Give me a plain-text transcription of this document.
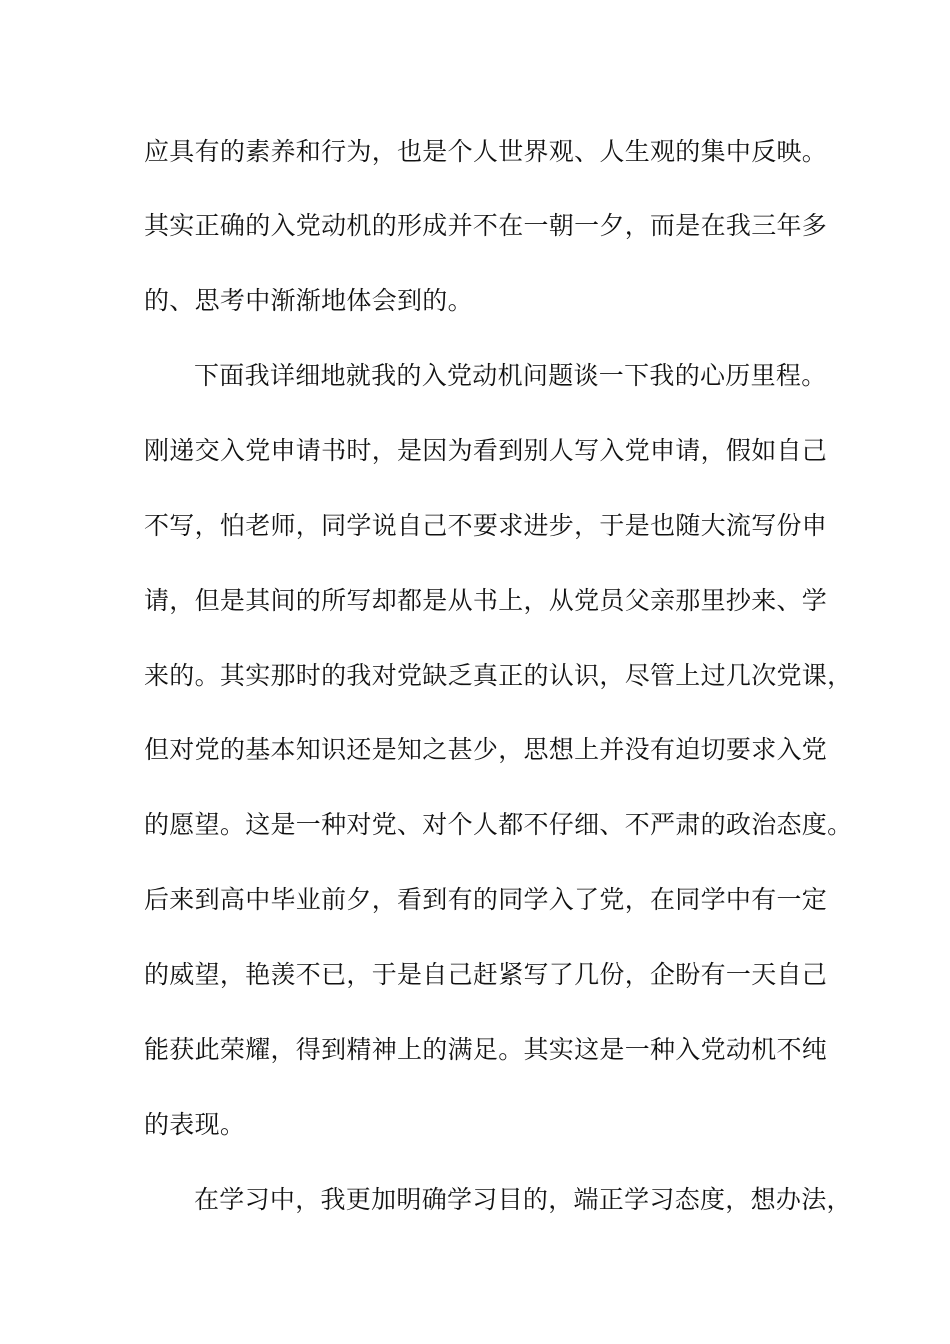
应具有的素养和行为，也是个人世界观、人生观的集中反映。
其实正确的入党动机的形成并不在一朝一夕，而是在我三年多
的、思考中渐渐地体会到的。
下面我详细地就我的入党动机问题谈一下我的心历里程。
刚递交入党申请书时，是因为看到别人写入党申请，假如自己
不写，怕老师，同学说自己不要求进步，于是也随大流写份申
请，但是其间的所写却都是从书上，从党员父亲那里抄来、学
来的。其实那时的我对党缺乏真正的认识，尽管上过几次党课，
但对党的基本知识还是知之甚少，思想上并没有迫切要求入党
的愿望。这是一种对党、对个人都不仔细、不严肃的政治态度。
后来到高中毕业前夕，看到有的同学入了党，在同学中有一定
的威望，艳羡不已，于是自己赶紧写了几份，企盼有一天自己
能获此荣耀，得到精神上的满足。其实这是一种入党动机不纯
的表现。
在学习中，我更加明确学习目的，端正学习态度，想办法，
